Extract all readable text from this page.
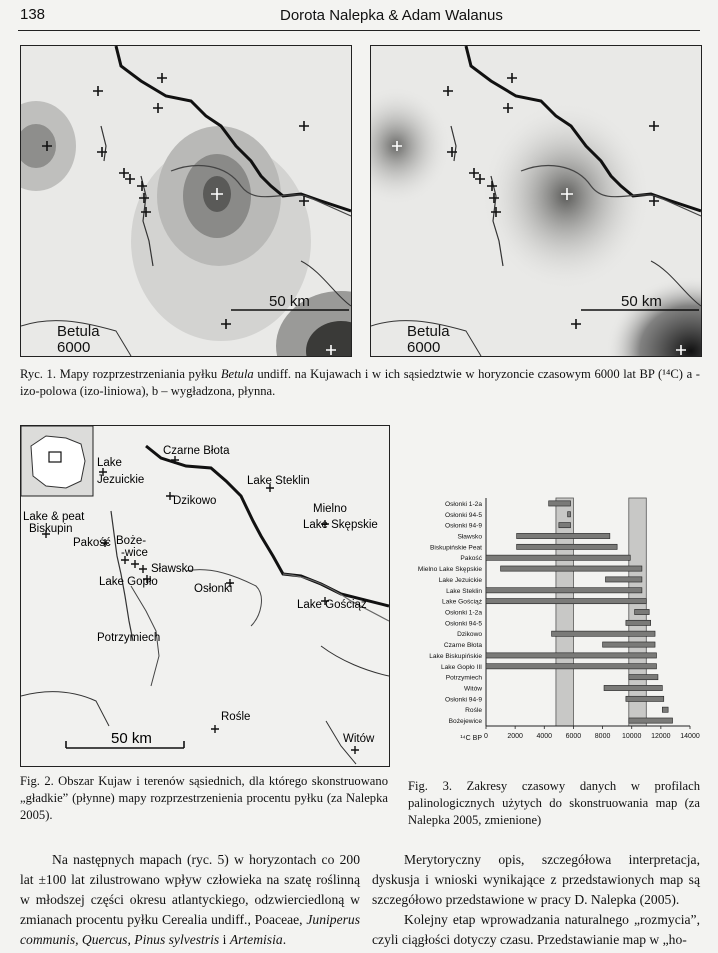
138	Dorota Nalepka & Adam Walanus
50 km
Betula
6000
50 km
Betula
6000
Ryc. 1. Mapy rozprzestrzeniania pyłku Betula undiff. na Kujawach i w ich sąsiedztwie w horyzoncie czasowym 6000 lat BP (¹⁴C) a - izo-polowa (izo-liniowa), b – wygładzona, płynna.
Czarne Błota
Lake
Jezuickie	Lake Steklin
Dzikowo
Mielno
Lake Skępskie
Lake & peat
Biskupin
Pakość Boże-
-wice
Sławsko
Lake Gopło
Osłonki
Lake Gościąż
Potrzymiech
Rośle
Witów
50 km
Fig. 2. Obszar Kujaw i terenów sąsiednich, dla którego skonstruowano „gładkie” (płynne) mapy rozprzestrzenienia procentu pyłku (za Nalepka 2005).
Osłonki 1-2a
Osłonki 94-5
Osłonki 94-9
Sławsko
Biskupińskie Peat
Pakość
Mielno Lake Skępskie
Lake Jezuickie
Lake Steklin
Lake Gościąż
Osłonki 1-2a
Osłonki 94-5
Dzikowo
Czarne Błota
Lake Biskupińskie
Lake Gopło III
Potrzymiech
Witów
Osłonki 94-9
Rośle
Bożejewice
0	2000 4000 6000 8000 10000 12000 14000
¹⁴C BP
Fig. 3. Zakresy czasowy danych w profilach palinologicznych użytych do skonstruowania map (za Nalepka 2005, zmienione)
Na następnych mapach (ryc. 5) w horyzontach co 200 lat ±100 lat zilustrowano wpływ człowieka na szatę roślinną w młodszej części okresu atlantyckiego, odzwierciedloną w zmianach procentu pyłku Cerealia undiff., Poaceae, Juniperus communis, Quercus, Pinus sylvestris i Artemisia.
Merytoryczny opis, szczegółowa interpretacja, dyskusja i wnioski wynikające z przedstawionych map są szczegółowo przedstawione w pracy D. Nalepka (2005).
Kolejny etap wprowadzania naturalnego „rozmycia”, czyli ciągłości dotyczy czasu. Przedstawianie map w „ho-
